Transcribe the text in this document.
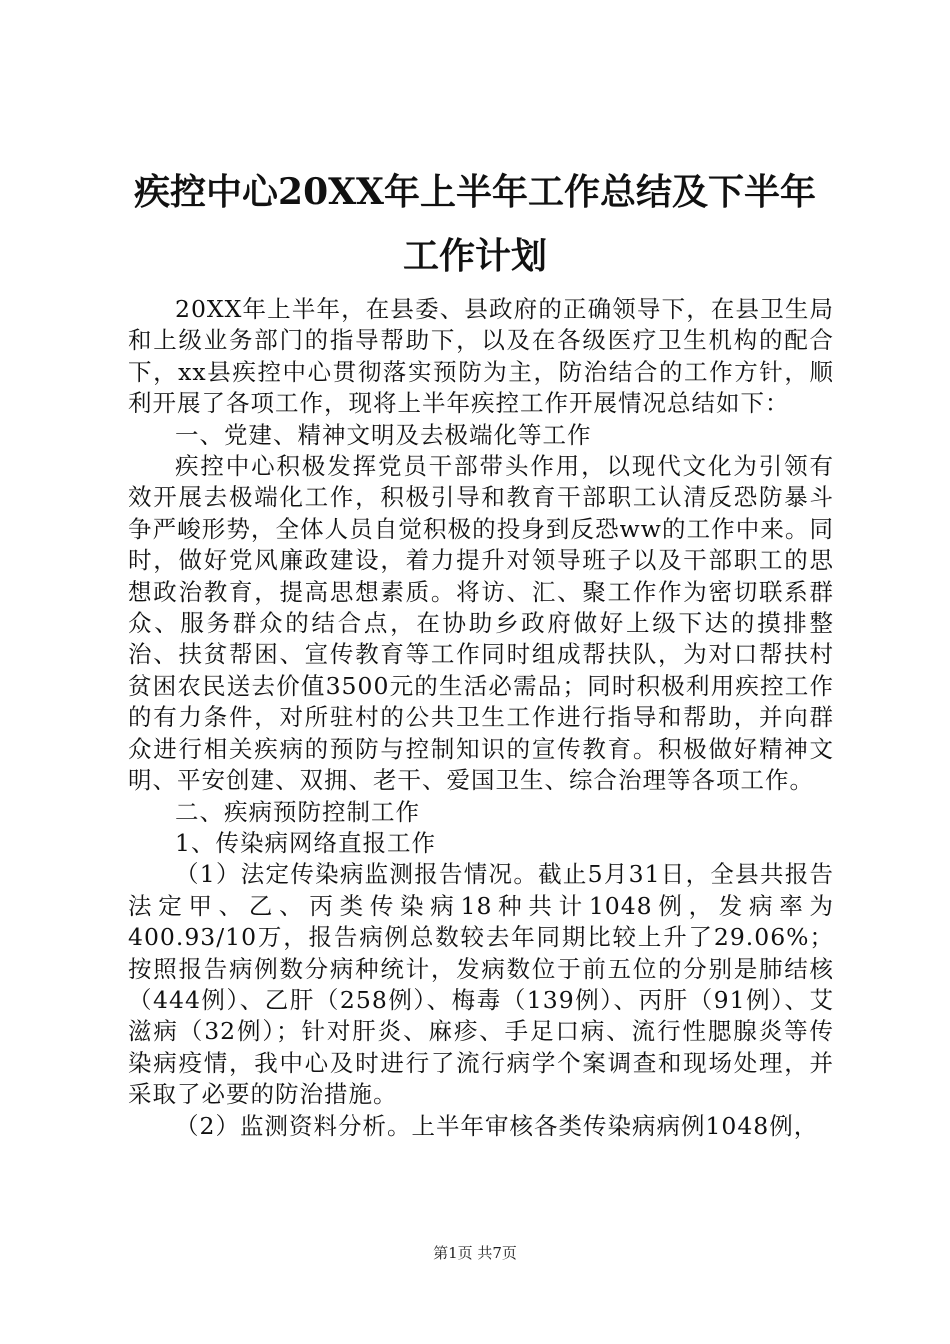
疾控中心20XX年上半年工作总结及下半年工作计划

20XX年上半年，在县委、县政府的正确领导下，在县卫生局和上级业务部门的指导帮助下，以及在各级医疗卫生机构的配合下，xx县疾控中心贯彻落实预防为主，防治结合的工作方针，顺利开展了各项工作，现将上半年疾控工作开展情况总结如下：

一、党建、精神文明及去极端化等工作

疾控中心积极发挥党员干部带头作用，以现代文化为引领有效开展去极端化工作，积极引导和教育干部职工认清反恐防暴斗争严峻形势，全体人员自觉积极的投身到反恐ww的工作中来。同时，做好党风廉政建设，着力提升对领导班子以及干部职工的思想政治教育，提高思想素质。将访、汇、聚工作作为密切联系群众、服务群众的结合点，在协助乡政府做好上级下达的摸排整治、扶贫帮困、宣传教育等工作同时组成帮扶队，为对口帮扶村贫困农民送去价值3500元的生活必需品；同时积极利用疾控工作的有力条件，对所驻村的公共卫生工作进行指导和帮助，并向群众进行相关疾病的预防与控制知识的宣传教育。积极做好精神文明、平安创建、双拥、老干、爱国卫生、综合治理等各项工作。

二、疾病预防控制工作

1、传染病网络直报工作

（1）法定传染病监测报告情况。截止5月31日，全县共报告法定甲、乙、丙类传染病18种共计1048例，发病率为400.93/10万，报告病例总数较去年同期比较上升了29.06%；按照报告病例数分病种统计，发病数位于前五位的分别是肺结核（444例）、乙肝（258例）、梅毒（139例）、丙肝（91例）、艾滋病（32例）；针对肝炎、麻疹、手足口病、流行性腮腺炎等传染病疫情，我中心及时进行了流行病学个案调查和现场处理，并采取了必要的防治措施。

（2）监测资料分析。上半年审核各类传染病病例1048例，

第1页 共7页
